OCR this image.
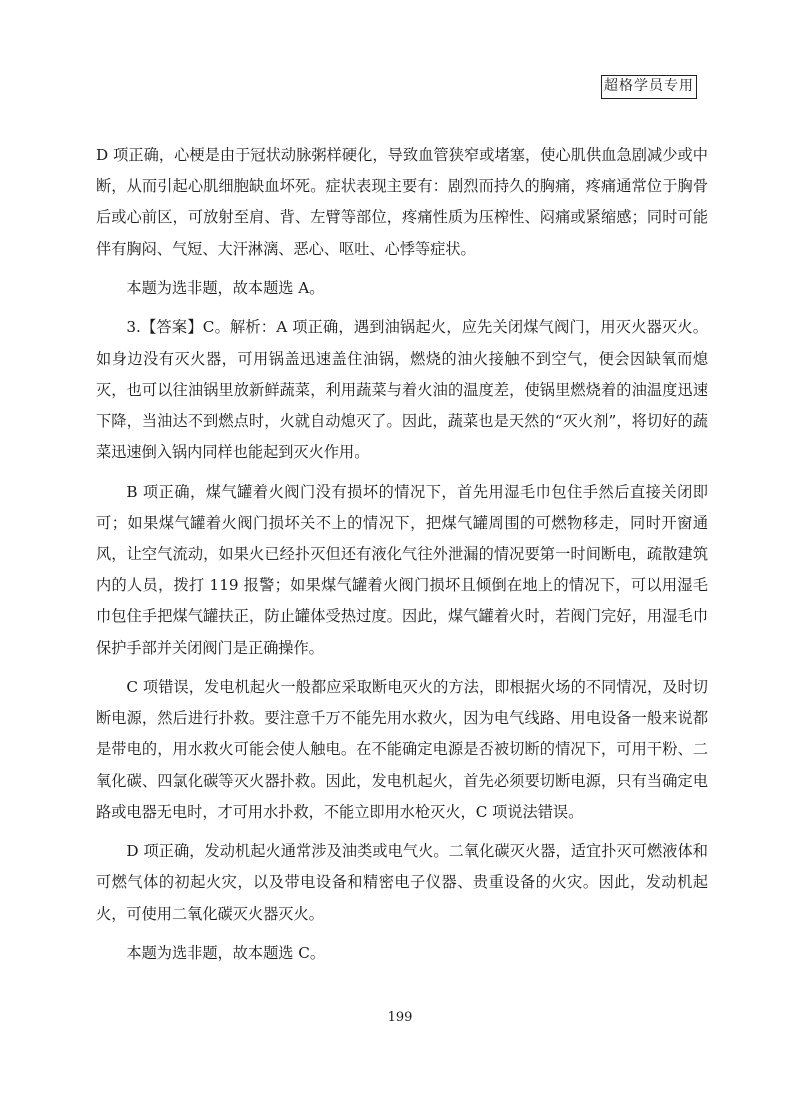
超格学员专用

D 项正确，心梗是由于冠状动脉粥样硬化，导致血管狭窄或堵塞，使心肌供血急剧减少或中断，从而引起心肌细胞缺血坏死。症状表现主要有：剧烈而持久的胸痛，疼痛通常位于胸骨后或心前区，可放射至肩、背、左臂等部位，疼痛性质为压榨性、闷痛或紧缩感；同时可能伴有胸闷、气短、大汗淋漓、恶心、呕吐、心悸等症状。

本题为选非题，故本题选 A。

3.【答案】C。解析：A 项正确，遇到油锅起火，应先关闭煤气阀门，用灭火器灭火。如身边没有灭火器，可用锅盖迅速盖住油锅，燃烧的油火接触不到空气，便会因缺氧而熄灭，也可以往油锅里放新鲜蔬菜，利用蔬菜与着火油的温度差，使锅里燃烧着的油温度迅速下降，当油达不到燃点时，火就自动熄灭了。因此，蔬菜也是天然的“灭火剂”，将切好的蔬菜迅速倒入锅内同样也能起到灭火作用。

B 项正确，煤气罐着火阀门没有损坏的情况下，首先用湿毛巾包住手然后直接关闭即可；如果煤气罐着火阀门损坏关不上的情况下，把煤气罐周围的可燃物移走，同时开窗通风，让空气流动，如果火已经扑灭但还有液化气往外泄漏的情况要第一时间断电，疏散建筑内的人员，拨打 119 报警；如果煤气罐着火阀门损坏且倾倒在地上的情况下，可以用湿毛巾包住手把煤气罐扶正，防止罐体受热过度。因此，煤气罐着火时，若阀门完好，用湿毛巾保护手部并关闭阀门是正确操作。

C 项错误，发电机起火一般都应采取断电灭火的方法，即根据火场的不同情况，及时切断电源，然后进行扑救。要注意千万不能先用水救火，因为电气线路、用电设备一般来说都是带电的，用水救火可能会使人触电。在不能确定电源是否被切断的情况下，可用干粉、二氧化碳、四氯化碳等灭火器扑救。因此，发电机起火，首先必须要切断电源，只有当确定电路或电器无电时，才可用水扑救，不能立即用水枪灭火，C 项说法错误。

D 项正确，发动机起火通常涉及油类或电气火。二氧化碳灭火器，适宜扑灭可燃液体和可燃气体的初起火灾，以及带电设备和精密电子仪器、贵重设备的火灾。因此，发动机起火，可使用二氧化碳灭火器灭火。

本题为选非题，故本题选 C。

199
